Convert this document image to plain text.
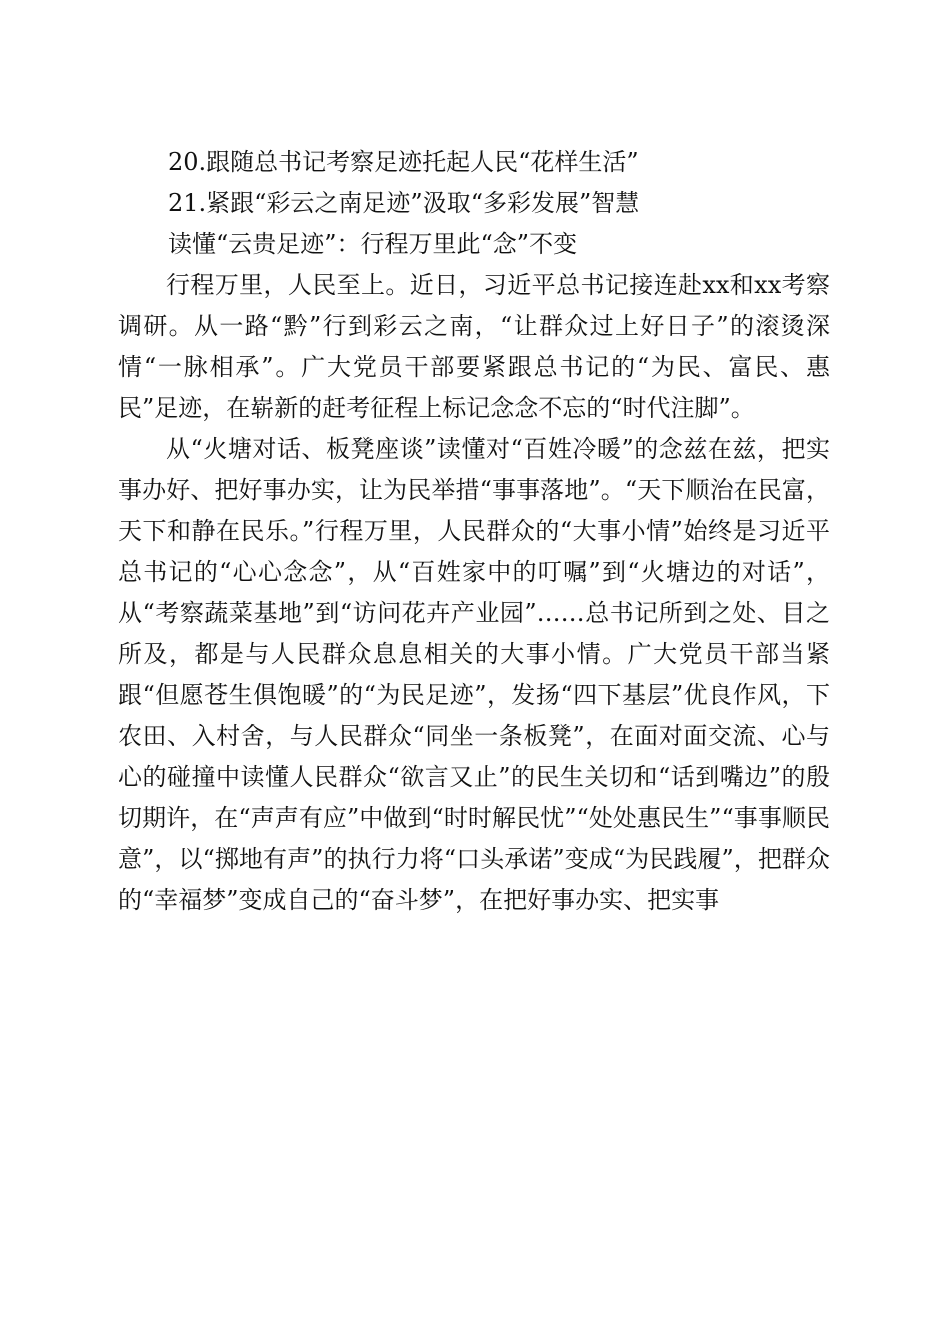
20.跟随总书记考察足迹托起人民“花样生活”
21.紧跟“彩云之南足迹”汲取“多彩发展”智慧
读懂“云贵足迹”：行程万里此“念”不变

行程万里，人民至上。近日，习近平总书记接连赴xx和xx考察调研。从一路“黔”行到彩云之南，“让群众过上好日子”的滚烫深情“一脉相承”。广大党员干部要紧跟总书记的“为民、富民、惠民”足迹，在崭新的赶考征程上标记念念不忘的“时代注脚”。

从“火塘对话、板凳座谈”读懂对“百姓冷暖”的念兹在兹，把实事办好、把好事办实，让为民举措“事事落地”。“天下顺治在民富，天下和静在民乐。”行程万里，人民群众的“大事小情”始终是习近平总书记的“心心念念”，从“百姓家中的叮嘱”到“火塘边的对话”，从“考察蔬菜基地”到“访问花卉产业园”……总书记所到之处、目之所及，都是与人民群众息息相关的大事小情。广大党员干部当紧跟“但愿苍生俱饱暖”的“为民足迹”，发扬“四下基层”优良作风，下农田、入村舍，与人民群众“同坐一条板凳”，在面对面交流、心与心的碰撞中读懂人民群众“欲言又止”的民生关切和“话到嘴边”的殷切期许，在“声声有应”中做到“时时解民忧”“处处惠民生”“事事顺民意”，以“掷地有声”的执行力将“口头承诺”变成“为民践履”，把群众的“幸福梦”变成自己的“奋斗梦”，在把好事办实、把实事
